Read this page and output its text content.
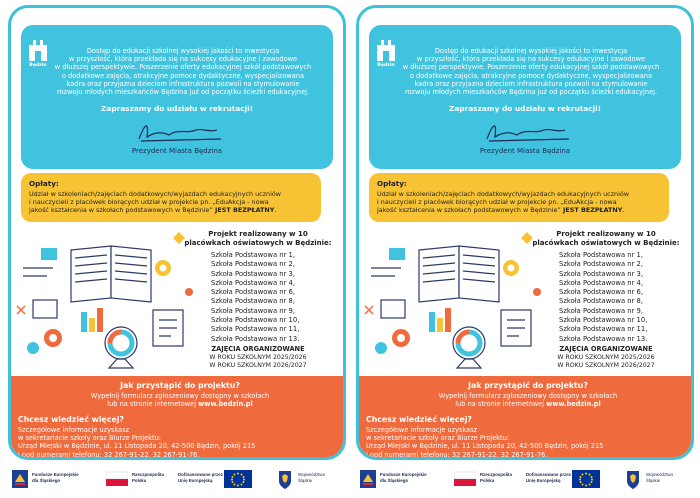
Będzin

Dostęp do edukacji szkolnej wysokiej jakości to inwestycja
w przyszłość, która przekłada się na sukcesy edukacyjne i zawodowe
w dłuższej perspektywie. Poszerzenie oferty edukacyjnej szkół podstawowych
o dodatkowe zajęcia, atrakcyjne pomoce dydaktyczne, wyspecjalizowana
kadra oraz przyjazna dzieciom infrastruktura pozwoli na stymulowanie
rozwoju młodych mieszkańców Będzina już od początku ścieżki edukacyjnej.

Zapraszamy do udziału w rekrutacji!

Prezydent Miasta Będzina

Opłaty:

Udział w szkoleniach/zajęciach dodatkowych/wyjazdach edukacyjnych uczniów
i nauczycieli z placówek biorących udział w projekcie pn. „EduAkcja - nowa
jakość kształcenia w szkołach podstawowych w Będzinie” JEST BEZPŁATNY.

Projekt realizowany w 10
placówkach oświatowych w Będzinie:

Szkoła Podstawowa nr 1,
Szkoła Podstawowa nr 2,
Szkoła Podstawowa nr 3,
Szkoła Podstawowa nr 4,
Szkoła Podstawowa nr 6,
Szkoła Podstawowa nr 8,
Szkoła Podstawowa nr 9,
Szkoła Podstawowa nr 10,
Szkoła Podstawowa nr 11,
Szkoła Podstawowa nr 13.

ZAJĘCIA ORGANIZOWANE

W ROKU SZKOLNYM 2025/2026

W ROKU SZKOLNYM 2026/2027

Jak przystąpić do projektu?

Wypełnij formularz zgłoszeniowy dostępny w szkołach
lub na stronie internetowej www.bedzin.pl

Chcesz wiedzieć więcej?

Szczegółowe informacje uzyskasz
w sekretariacie szkoły oraz Biurze Projektu:
Urząd Miejski w Będzinie, ul. 11 Listopada 20, 42-500 Będzin, pokój 215
i pod numerami telefonu: 32 267-91-22, 32 267-91-76.

Będzin

Dostęp do edukacji szkolnej wysokiej jakości to inwestycja
w przyszłość, która przekłada się na sukcesy edukacyjne i zawodowe
w dłuższej perspektywie. Poszerzenie oferty edukacyjnej szkół podstawowych
o dodatkowe zajęcia, atrakcyjne pomoce dydaktyczne, wyspecjalizowana
kadra oraz przyjazna dzieciom infrastruktura pozwoli na stymulowanie
rozwoju młodych mieszkańców Będzina już od początku ścieżki edukacyjnej.

Zapraszamy do udziału w rekrutacji!

Prezydent Miasta Będzina

Opłaty:

Udział w szkoleniach/zajęciach dodatkowych/wyjazdach edukacyjnych uczniów
i nauczycieli z placówek biorących udział w projekcie pn. „EduAkcja - nowa
jakość kształcenia w szkołach podstawowych w Będzinie” JEST BEZPŁATNY.

Projekt realizowany w 10
placówkach oświatowych w Będzinie:

Szkoła Podstawowa nr 1,
Szkoła Podstawowa nr 2,
Szkoła Podstawowa nr 3,
Szkoła Podstawowa nr 4,
Szkoła Podstawowa nr 6,
Szkoła Podstawowa nr 8,
Szkoła Podstawowa nr 9,
Szkoła Podstawowa nr 10,
Szkoła Podstawowa nr 11,
Szkoła Podstawowa nr 13.

ZAJĘCIA ORGANIZOWANE

W ROKU SZKOLNYM 2025/2026

W ROKU SZKOLNYM 2026/2027

Jak przystąpić do projektu?

Wypełnij formularz zgłoszeniowy dostępny w szkołach
lub na stronie internetowej www.bedzin.pl

Chcesz wiedzieć więcej?

Szczegółowe informacje uzyskasz
w sekretariacie szkoły oraz Biurze Projektu:
Urząd Miejski w Będzinie, ul. 11 Listopada 20, 42-500 Będzin, pokój 215
i pod numerami telefonu: 32 267-91-22, 32 267-91-76.

Fundusze Europejskie
dla Śląskiego

Rzeczpospolita
Polska

Dofinansowane przez
Unię Europejską

Województwo
Śląskie

Fundusze Europejskie
dla Śląskiego

Rzeczpospolita
Polska

Dofinansowane przez
Unię Europejską

Województwo
Śląskie
